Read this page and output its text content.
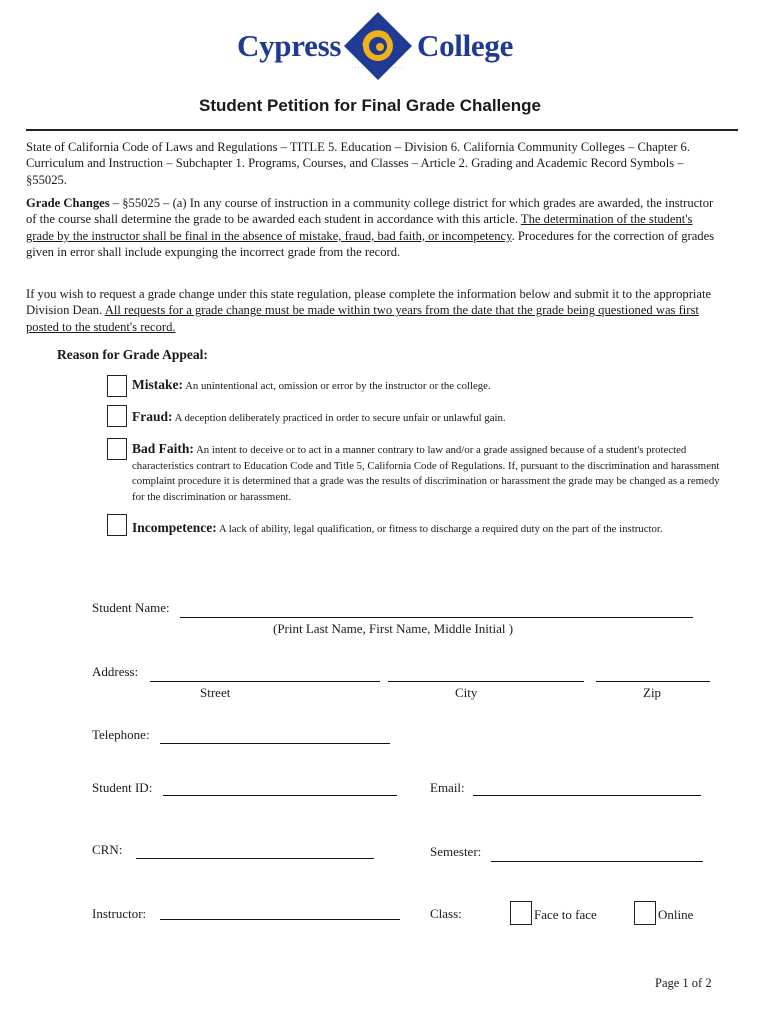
Cypress College
· · · ·	· · · ·
Student Petition for Final Grade Challenge
State of California Code of Laws and Regulations – TITLE 5. Education – Division 6. California Community Colleges – Chapter 6. Curriculum and Instruction – Subchapter 1. Programs, Courses, and Classes – Article 2. Grading and Academic Record Symbols – §55025.
Grade Changes – §55025 – (a) In any course of instruction in a community college district for which grades are awarded, the instructor of the course shall determine the grade to be awarded each student in accordance with this article. The determination of the student's grade by the instructor shall be final in the absence of mistake, fraud, bad faith, or incompetency. Procedures for the correction of grades given in error shall include expunging the incorrect grade from the record.
If you wish to request a grade change under this state regulation, please complete the information below and submit it to the appropriate Division Dean. All requests for a grade change must be made within two years from the date that the grade being questioned was first posted to the student's record.
Reason for Grade Appeal:
Mistake: An unintentional act, omission or error by the instructor or the college.
Fraud: A deception deliberately practiced in order to secure unfair or unlawful gain.
Bad Faith: An intent to deceive or to act in a manner contrary to law and/or a grade assigned because of a student's protected characteristics contrart to Education Code and Title 5, California Code of Regulations. If, pursuant to the discrimination and harassment complaint procedure it is determined that a grade was the results of discrimination or harassment the grade may be changed as a remedy for the discrimination or harassment.
Incompetence: A lack of ability, legal qualification, or fitness to discharge a required duty on the part of the instructor.
Student Name:
(Print Last Name, First Name, Middle Initial )
Address:
Street	City	Zip
Telephone:
Student ID:	Email:
CRN:	Semester:
Instructor:	Class:	Face to face	Online
Page 1 of 2
